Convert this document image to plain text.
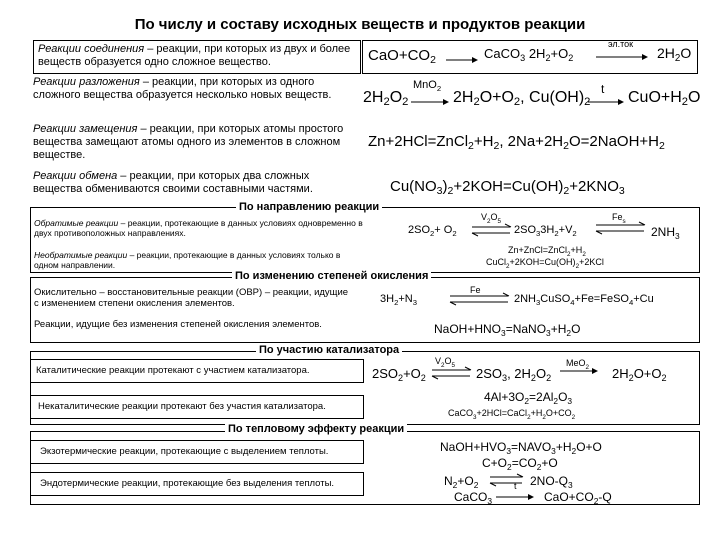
По числу и составу исходных веществ и продуктов реакции
Реакции соединения – реакции, при которых из двух и более веществ образуется одно сложное вещество.	$CaO+CO_2$	CaCO$_3$ $2H_2+O_2$
эл.ток
$2H_2O$
Реакции разложения – реакции, при которых из одного сложного вещества образуется несколько новых веществ.	$2H_2O_2$
MnO$_2$
$2H_2O+O_2$, $Cu(OH)_2$
t $CuO+H_2O$
Реакции замещения – реакции, при которых атомы простого вещества замещают атомы одного из элементов в сложном веществе.
$Zn+2HCl=ZnCl_2+H_2$, $2Na+2H_2O=2NaOH+H_2$
Реакции обмена – реакции, при которых два сложных вещества обмениваются своими составными частями.	$Cu(NO_3)_2+2KOH=Cu(OH)_2+2KNO_3$
По направлению реакции
Обратимые реакции – реакции, протекающие в данных условиях одновременно в двух противоположных направлениях.	$2SO_2+ O_2$
$V_2O_5$
⇌ $2SO_33H_2+V_2$
$Fe_s$
⇌ $2NH_3$
Необратимые реакции – реакции, протекающие в данных условиях только в одном направлении.
$Zn+ZnCl=ZnCl_2+H_2$
$CuCl_2+2KOH=Cu(OH)_2+2KCl$
По изменению степеней окисления
Окислительно – восстановительные реакции (ОВР) – реакции, идущие с изменением степени окисления элементов.	$3H_2+N_3$
Fe
$2NH_3CuSO_4+Fe=FeSO_4+Cu$
Реакции, идущие без изменения степеней окисления элементов.	$NaOH+HNO_3=NaNO_3+H_2O$
По участию катализатора
Каталитические реакции протекают с участием катализатора.	$2SO_2+O_2$
$V_2O_5$
$2SO_3$, $2H_2O_2$
MeO$_2$ $2H_2O+O_2$
Некаталитические реакции протекают без участия катализатора.
$4Al+3O_2=2Al_2O_3$
$CaCO_3+2HCl=CaCl_2+H_2O+CO_2$
По тепловому эффекту реакции
Экзотермические реакции, протекающие с выделением теплоты.	$NaOH+HVO_3=NAVO_3+H_2O+O$
$C+O_2=CO_2+O$
Эндотермические реакции, протекающие без выделения теплоты.	$N_2+O_2$	$2NO-Q_3$
CaCO$_3$
t
$CaO+CO_2-Q$
